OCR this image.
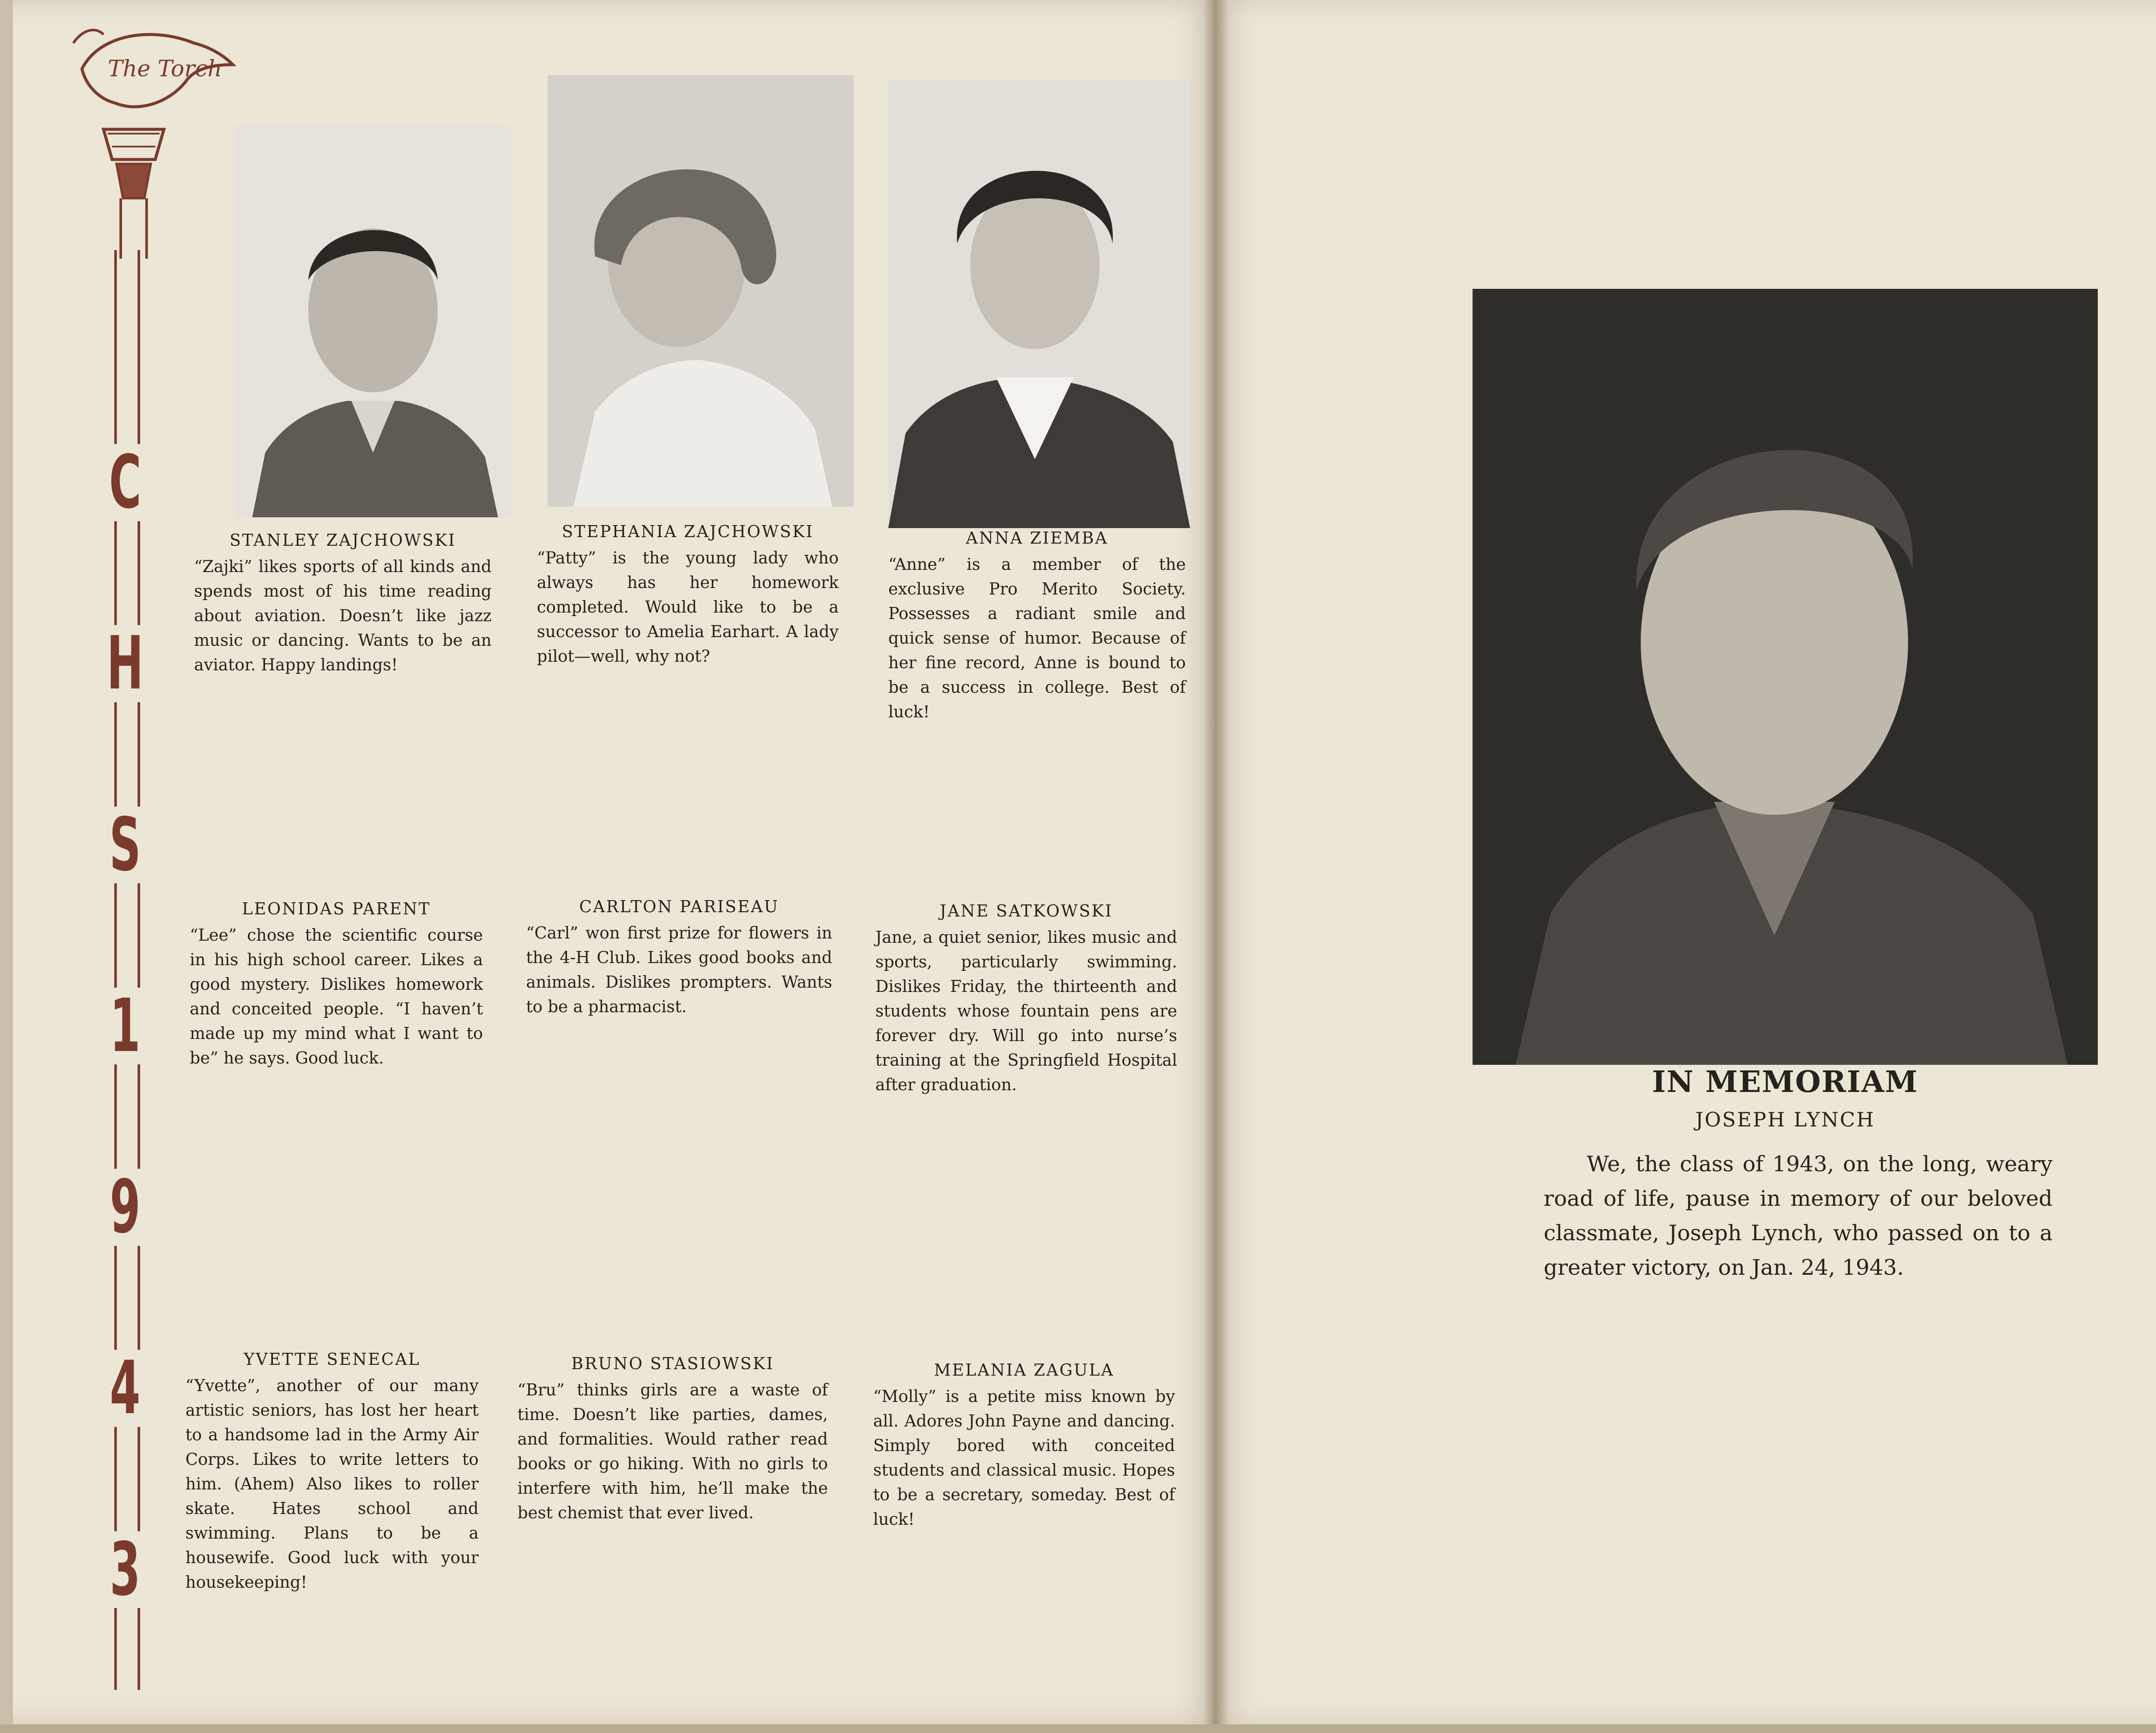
The Torch
C
H
S
1
9
4
3
STANLEY ZAJCHOWSKI
“Zajki” likes sports of all kinds and spends most of his time reading about aviation. Doesn’t like jazz music or dancing. Wants to be an aviator. Happy landings!
STEPHANIA ZAJCHOWSKI
“Patty” is the young lady who always has her homework completed. Would like to be a successor to Amelia Earhart. A lady pilot—well, why not?
ANNA ZIEMBA
“Anne” is a member of the exclusive Pro Merito Society. Possesses a radiant smile and quick sense of humor. Because of her fine record, Anne is bound to be a success in college. Best of luck!
LEONIDAS PARENT
“Lee” chose the scientific course in his high school career. Likes a good mystery. Dislikes homework and conceited people. “I haven’t made up my mind what I want to be” he says. Good luck.
CARLTON PARISEAU
“Carl” won first prize for flowers in the 4-H Club. Likes good books and animals. Dislikes prompters. Wants to be a pharmacist.
JANE SATKOWSKI
Jane, a quiet senior, likes music and sports, particularly swimming. Dislikes Friday, the thirteenth and students whose fountain pens are forever dry. Will go into nurse’s training at the Springfield Hospital after graduation.
YVETTE SENECAL
“Yvette”, another of our many artistic seniors, has lost her heart to a handsome lad in the Army Air Corps. Likes to write letters to him. (Ahem) Also likes to roller skate. Hates school and swimming. Plans to be a housewife. Good luck with your housekeeping!
BRUNO STASIOWSKI
“Bru” thinks girls are a waste of time. Doesn’t like parties, dames, and formalities. Would rather read books or go hiking. With no girls to interfere with him, he’ll make the best chemist that ever lived.
MELANIA ZAGULA
“Molly” is a petite miss known by all. Adores John Payne and dancing. Simply bored with conceited students and classical music. Hopes to be a secretary, someday. Best of luck!
IN MEMORIAM
JOSEPH LYNCH
We, the class of 1943, on the long, weary road of life, pause in memory of our beloved classmate, Joseph Lynch, who passed on to a greater victory, on Jan. 24, 1943.
